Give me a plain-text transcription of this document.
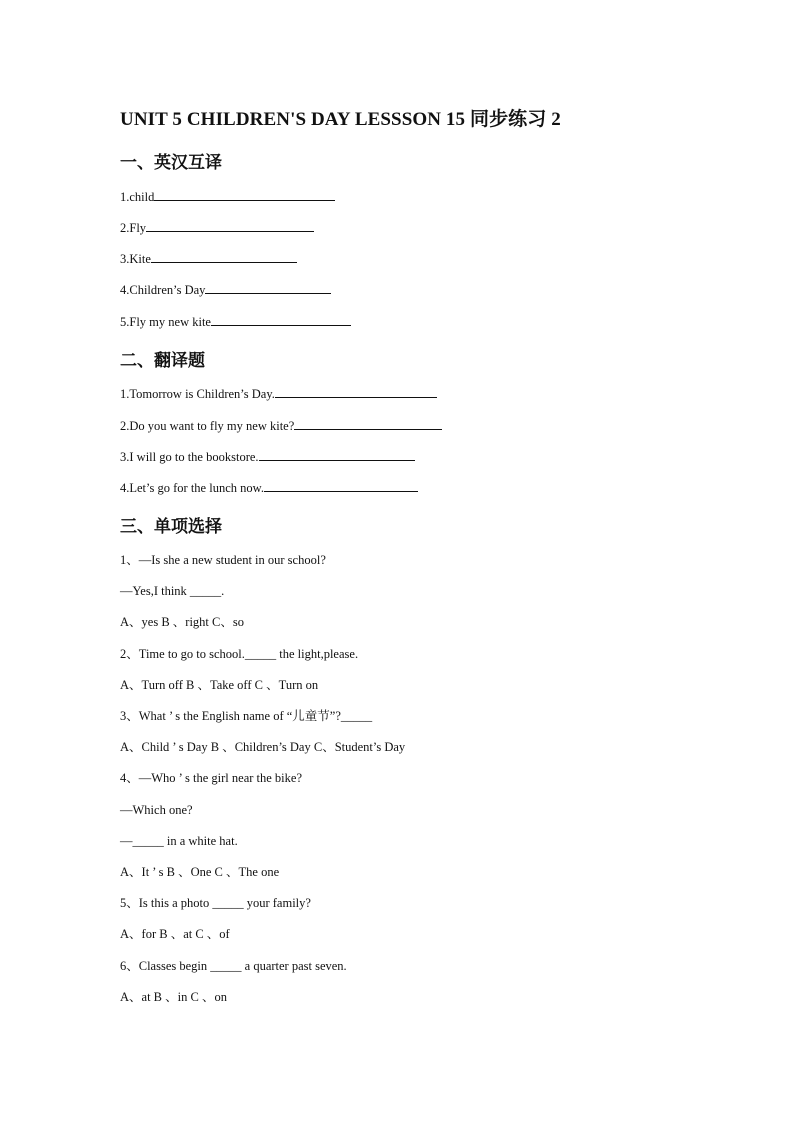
UNIT 5 CHILDREN'S DAY LESSSON 15 同步练习 2
一、英汉互译
1.child
2.Fly
3.Kite
4.Children’s Day
5.Fly my new kite
二、翻译题
1.Tomorrow is Children’s Day.
2.Do you want to fly my new kite?
3.I will go to the bookstore.
4.Let’s go for the lunch now.
三、单项选择
1、—Is she a new student in our school?
—Yes,I think _____.
A、yes B 、right C、so
2、Time to go to school._____ the light,please.
A、Turn off B 、Take off C 、Turn on
3、What ’ s the English name of “儿童节”?_____
A、Child ’ s Day B 、Children’s Day C、Student’s Day
4、—Who ’ s the girl near the bike?
—Which one?
—_____ in a white hat.
A、It ’ s B 、One C 、The one
5、Is this a photo _____ your family?
A、for B 、at C 、of
6、Classes begin _____ a quarter past seven.
A、at B 、in C 、on
